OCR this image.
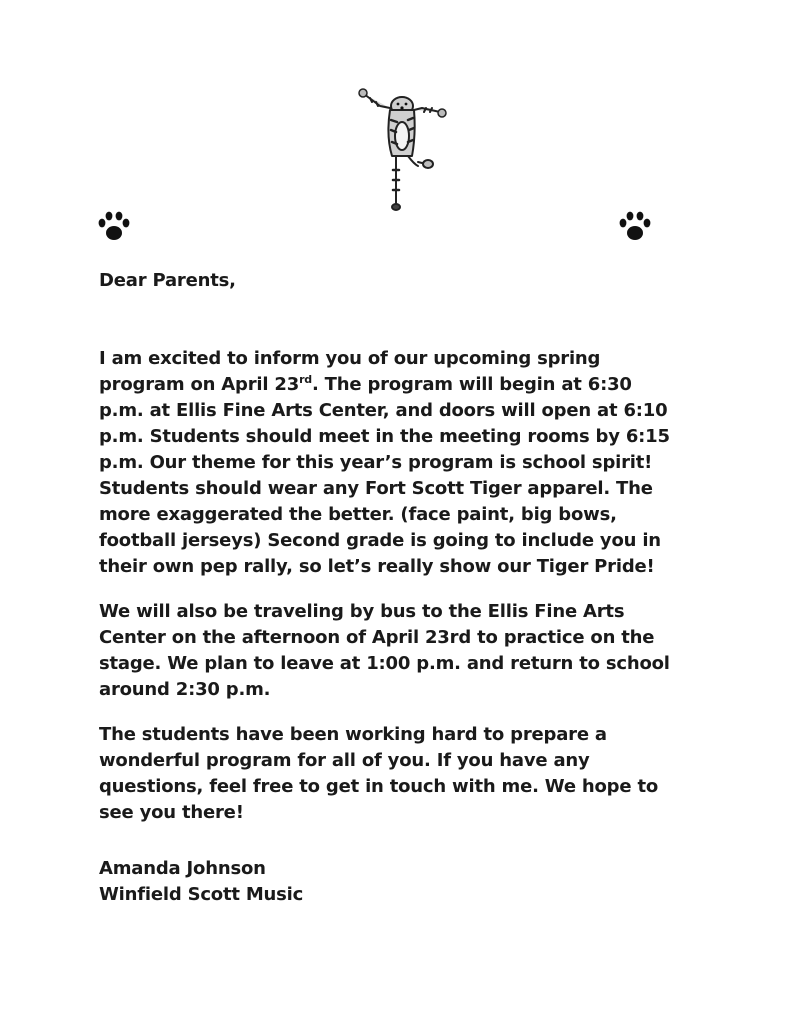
Dear Parents,

I am excited to inform you of our upcoming spring
program on April 23rd. The program will begin at 6:30
p.m. at Ellis Fine Arts Center, and doors will open at 6:10
p.m. Students should meet in the meeting rooms by 6:15
p.m. Our theme for this year’s program is school spirit!
Students should wear any Fort Scott Tiger apparel. The
more exaggerated the better. (face paint, big bows,
football jerseys) Second grade is going to include you in
their own pep rally, so let’s really show our Tiger Pride!

We will also be traveling by bus to the Ellis Fine Arts
Center on the afternoon of April 23rd to practice on the
stage. We plan to leave at 1:00 p.m. and return to school
around 2:30 p.m.

The students have been working hard to prepare a
wonderful program for all of you. If you have any
questions, feel free to get in touch with me. We hope to
see you there!

Amanda Johnson

Winfield Scott Music
